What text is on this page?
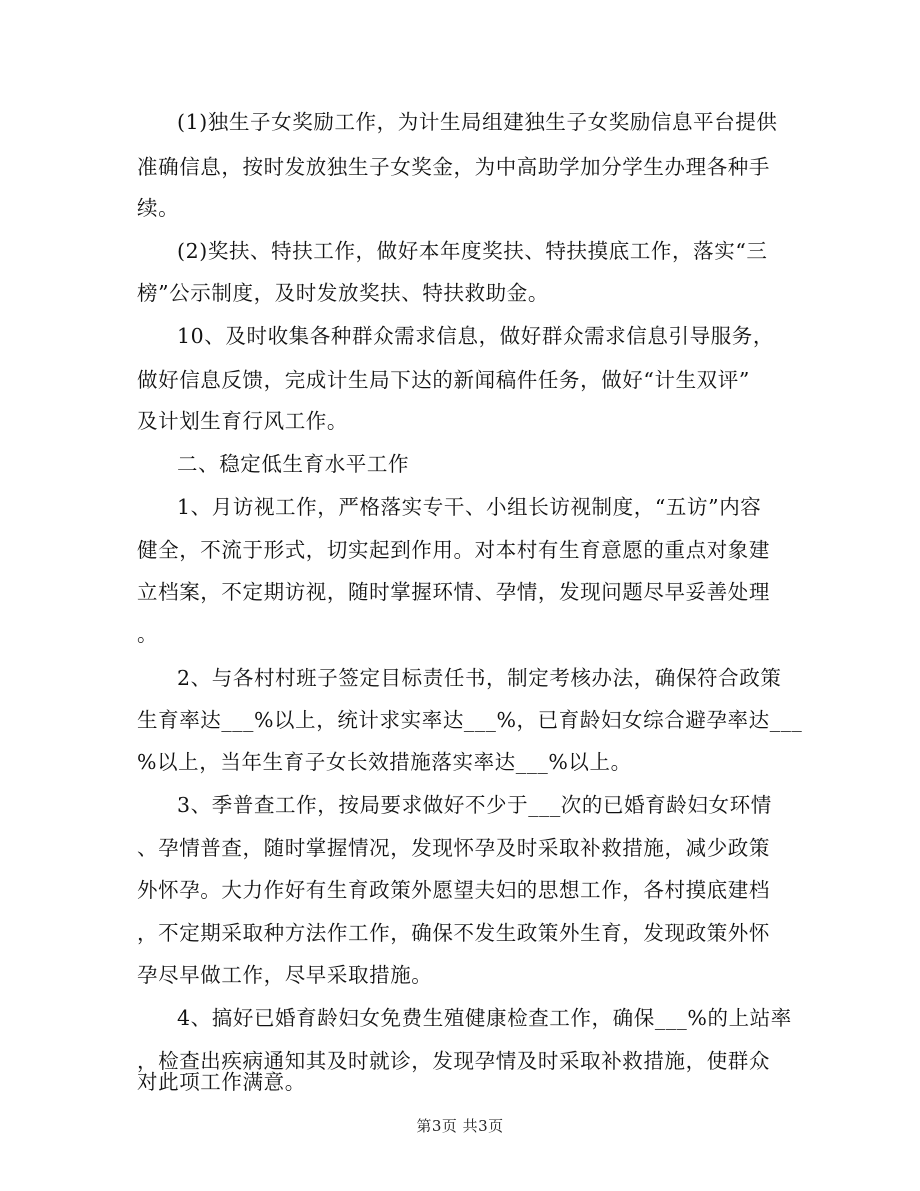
(1)独生子女奖励工作，为计生局组建独生子女奖励信息平台提供
准确信息，按时发放独生子女奖金，为中高助学加分学生办理各种手
续。
(2)奖扶、特扶工作，做好本年度奖扶、特扶摸底工作，落实“三
榜”公示制度，及时发放奖扶、特扶救助金。
10、及时收集各种群众需求信息，做好群众需求信息引导服务，
做好信息反馈，完成计生局下达的新闻稿件任务，做好“计生双评”
及计划生育行风工作。
二、稳定低生育水平工作
1、月访视工作，严格落实专干、小组长访视制度，“五访”内容
健全，不流于形式，切实起到作用。对本村有生育意愿的重点对象建
立档案，不定期访视，随时掌握环情、孕情，发现问题尽早妥善处理
。
2、与各村村班子签定目标责任书，制定考核办法，确保符合政策
生育率达___%以上，统计求实率达___%，已育龄妇女综合避孕率达___
%以上，当年生育子女长效措施落实率达___%以上。
3、季普查工作，按局要求做好不少于___次的已婚育龄妇女环情
、孕情普查，随时掌握情况，发现怀孕及时采取补救措施，减少政策
外怀孕。大力作好有生育政策外愿望夫妇的思想工作，各村摸底建档
，不定期采取种方法作工作，确保不发生政策外生育，发现政策外怀
孕尽早做工作，尽早采取措施。
4、搞好已婚育龄妇女免费生殖健康检查工作，确保___%的上站率
，检查出疾病通知其及时就诊，发现孕情及时采取补救措施，使群众
对此项工作满意。
第3页 共3页
